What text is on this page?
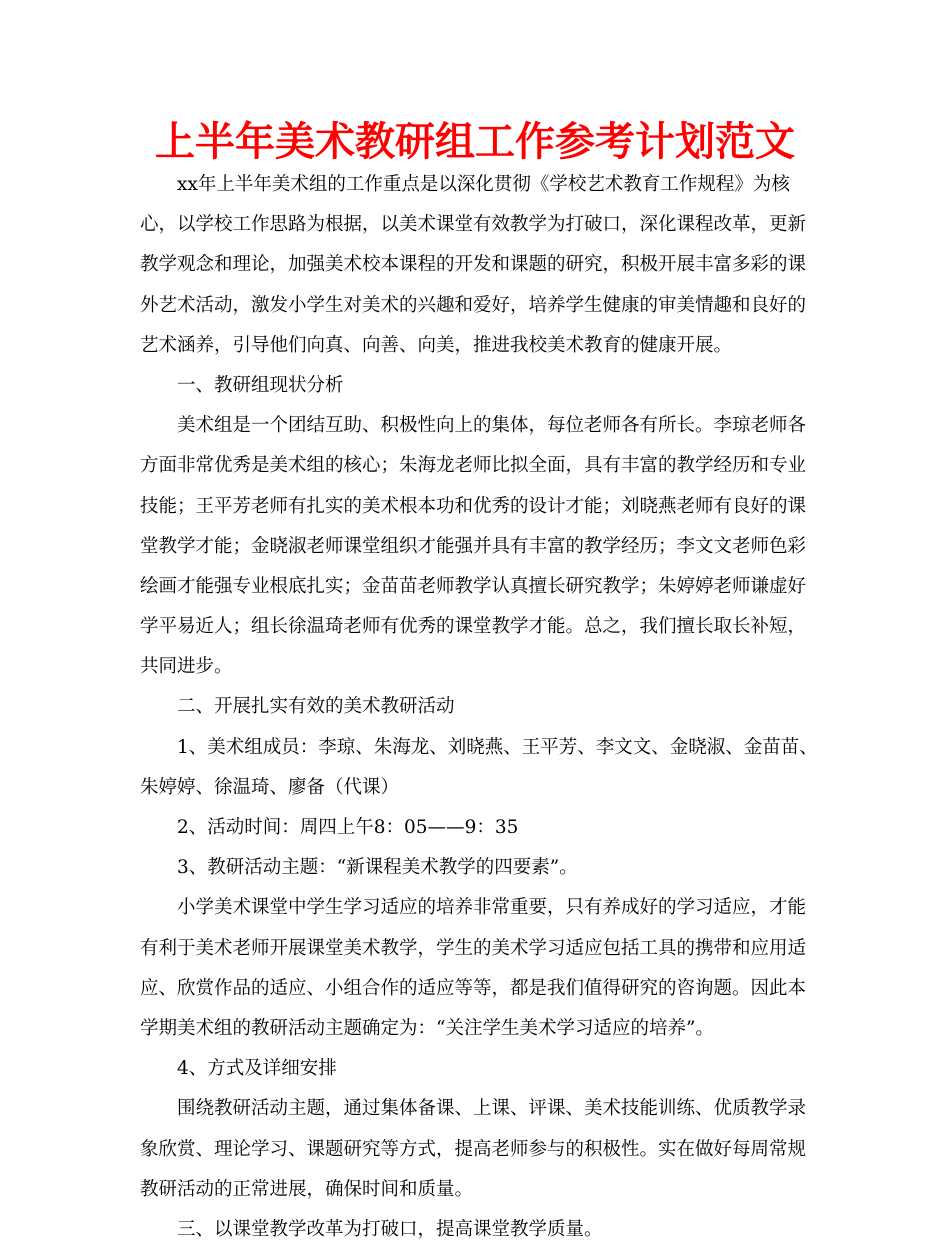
上半年美术教研组工作参考计划范文
xx年上半年美术组的工作重点是以深化贯彻《学校艺术教育工作规程》为核
心，以学校工作思路为根据，以美术课堂有效教学为打破口，深化课程改革，更新
教学观念和理论，加强美术校本课程的开发和课题的研究，积极开展丰富多彩的课
外艺术活动，激发小学生对美术的兴趣和爱好，培养学生健康的审美情趣和良好的
艺术涵养，引导他们向真、向善、向美，推进我校美术教育的健康开展。
一、教研组现状分析
美术组是一个团结互助、积极性向上的集体，每位老师各有所长。李琼老师各
方面非常优秀是美术组的核心；朱海龙老师比拟全面，具有丰富的教学经历和专业
技能；王平芳老师有扎实的美术根本功和优秀的设计才能；刘晓燕老师有良好的课
堂教学才能；金晓淑老师课堂组织才能强并具有丰富的教学经历；李文文老师色彩
绘画才能强专业根底扎实；金苗苗老师教学认真擅长研究教学；朱婷婷老师谦虚好
学平易近人；组长徐温琦老师有优秀的课堂教学才能。总之，我们擅长取长补短，
共同进步。
二、开展扎实有效的美术教研活动
1、美术组成员：李琼、朱海龙、刘晓燕、王平芳、李文文、金晓淑、金苗苗、
朱婷婷、徐温琦、廖备（代课）
2、活动时间：周四上午8：05——9：35
3、教研活动主题：“新课程美术教学的四要素”。
小学美术课堂中学生学习适应的培养非常重要，只有养成好的学习适应，才能
有利于美术老师开展课堂美术教学，学生的美术学习适应包括工具的携带和应用适
应、欣赏作品的适应、小组合作的适应等等，都是我们值得研究的咨询题。因此本
学期美术组的教研活动主题确定为：“关注学生美术学习适应的培养”。
4、方式及详细安排
围绕教研活动主题，通过集体备课、上课、评课、美术技能训练、优质教学录
象欣赏、理论学习、课题研究等方式，提高老师参与的积极性。实在做好每周常规
教研活动的正常进展，确保时间和质量。
三、以课堂教学改革为打破口，提高课堂教学质量。
